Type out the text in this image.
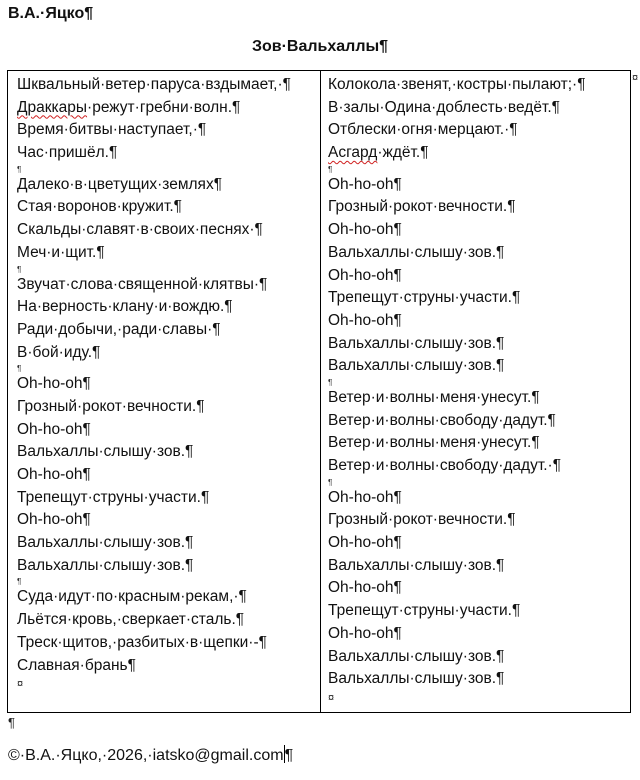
В.А.·Яцко¶
Зов·Вальхаллы¶
Шквальный·ветер·паруса·вздымает,·¶
Драккары·режут·гребни·волн.¶
Время·битвы·наступает,·¶
Час·пришёл.¶
¶
Далеко·в·цветущих·землях¶
Стая·воронов·кружит.¶
Скальды·славят·в·своих·песнях·¶
Меч·и·щит.¶
¶
Звучат·слова·священной·клятвы·¶
На·верность·клану·и·вождю.¶
Ради·добычи,·ради·славы·¶
В·бой·иду.¶
¶
Oh-ho-oh¶
Грозный·рокот·вечности.¶
Oh-ho-oh¶
Вальхаллы·слышу·зов.¶
Oh-ho-oh¶
Трепещут·струны·участи.¶
Oh-ho-oh¶
Вальхаллы·слышу·зов.¶
Вальхаллы·слышу·зов.¶
¶
Суда·идут·по·красным·рекам,·¶
Льётся·кровь,·сверкает·сталь.¶
Треск·щитов,·разбитых·в·щепки·-¶
Славная·брань¶
¤
Колокола·звенят,·костры·пылают;·¶
В·залы·Одина·доблесть·ведёт.¶
Отблески·огня·мерцают.·¶
Асгард·ждёт.¶
¶
Oh-ho-oh¶
Грозный·рокот·вечности.¶
Oh-ho-oh¶
Вальхаллы·слышу·зов.¶
Oh-ho-oh¶
Трепещут·струны·участи.¶
Oh-ho-oh¶
Вальхаллы·слышу·зов.¶
Вальхаллы·слышу·зов.¶
¶
Ветер·и·волны·меня·унесут.¶
Ветер·и·волны·свободу·дадут.¶
Ветер·и·волны·меня·унесут.¶
Ветер·и·волны·свободу·дадут.·¶
¶
Oh-ho-oh¶
Грозный·рокот·вечности.¶
Oh-ho-oh¶
Вальхаллы·слышу·зов.¶
Oh-ho-oh¶
Трепещут·струны·участи.¶
Oh-ho-oh¶
Вальхаллы·слышу·зов.¶
Вальхаллы·слышу·зов.¶
¤
¤
¶
©·В.А.·Яцко,·2026,·iatsko@gmail.com¶
